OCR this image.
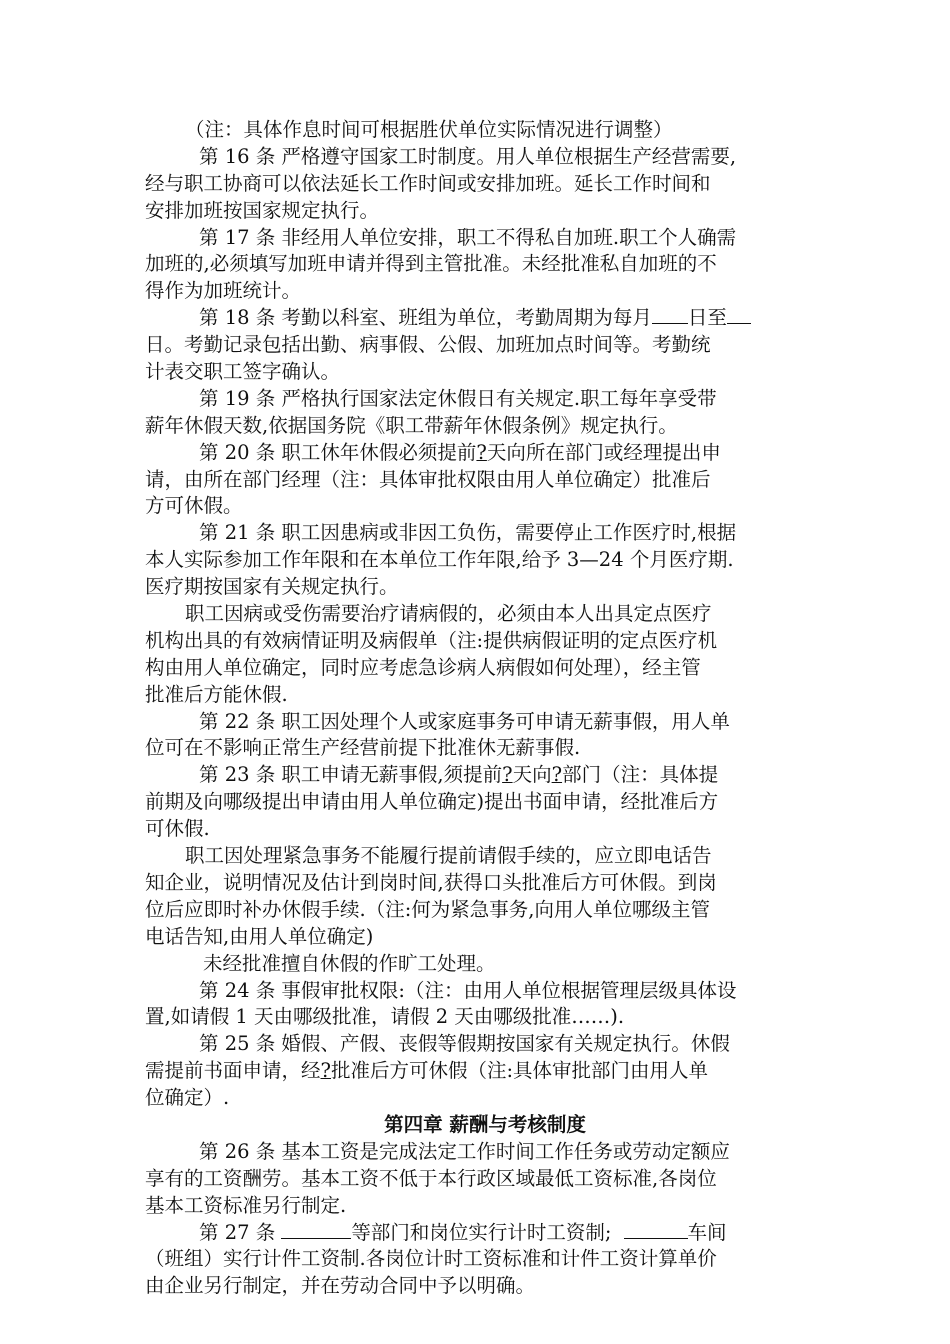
（注：具体作息时间可根据胜伏单位实际情况进行调整）
第 16 条 严格遵守国家工时制度。用人单位根据生产经营需要,
经与职工协商可以依法延长工作时间或安排加班。延长工作时间和
安排加班按国家规定执行。
第 17 条 非经用人单位安排，职工不得私自加班.职工个人确需
加班的,必须填写加班申请并得到主管批准。未经批准私自加班的不
得作为加班统计。
第 18 条 考勤以科室、班组为单位，考勤周期为每月 日至
日。考勤记录包括出勤、病事假、公假、加班加点时间等。考勤统
计表交职工签字确认。
第 19 条 严格执行国家法定休假日有关规定.职工每年享受带
薪年休假天数,依据国务院《职工带薪年休假条例》规定执行。
第 20 条 职工休年休假必须提前?天向所在部门或经理提出申
请，由所在部门经理（注：具体审批权限由用人单位确定）批准后
方可休假。
第 21 条 职工因患病或非因工负伤，需要停止工作医疗时,根据
本人实际参加工作年限和在本单位工作年限,给予 3—24 个月医疗期.
医疗期按国家有关规定执行。
职工因病或受伤需要治疗请病假的，必须由本人出具定点医疗
机构出具的有效病情证明及病假单（注:提供病假证明的定点医疗机
构由用人单位确定，同时应考虑急诊病人病假如何处理），经主管
批准后方能休假.
第 22 条 职工因处理个人或家庭事务可申请无薪事假，用人单
位可在不影响正常生产经营前提下批准休无薪事假.
第 23 条 职工申请无薪事假,须提前?天向?部门（注：具体提
前期及向哪级提出申请由用人单位确定)提出书面申请，经批准后方
可休假.
职工因处理紧急事务不能履行提前请假手续的，应立即电话告
知企业，说明情况及估计到岗时间,获得口头批准后方可休假。到岗
位后应即时补办休假手续.（注:何为紧急事务,向用人单位哪级主管
电话告知,由用人单位确定)
未经批准擅自休假的作旷工处理。
第 24 条 事假审批权限:（注：由用人单位根据管理层级具体设
置,如请假 1 天由哪级批准，请假 2 天由哪级批准……).
第 25 条 婚假、产假、丧假等假期按国家有关规定执行。休假
需提前书面申请，经?批准后方可休假（注:具体审批部门由用人单
位确定）.
第四章 薪酬与考核制度
第 26 条 基本工资是完成法定工作时间工作任务或劳动定额应
享有的工资酬劳。基本工资不低于本行政区域最低工资标准,各岗位
基本工资标准另行制定.
第 27 条	等部门和岗位实行计时工资制;	车间
（班组）实行计件工资制.各岗位计时工资标准和计件工资计算单价
由企业另行制定，并在劳动合同中予以明确。
